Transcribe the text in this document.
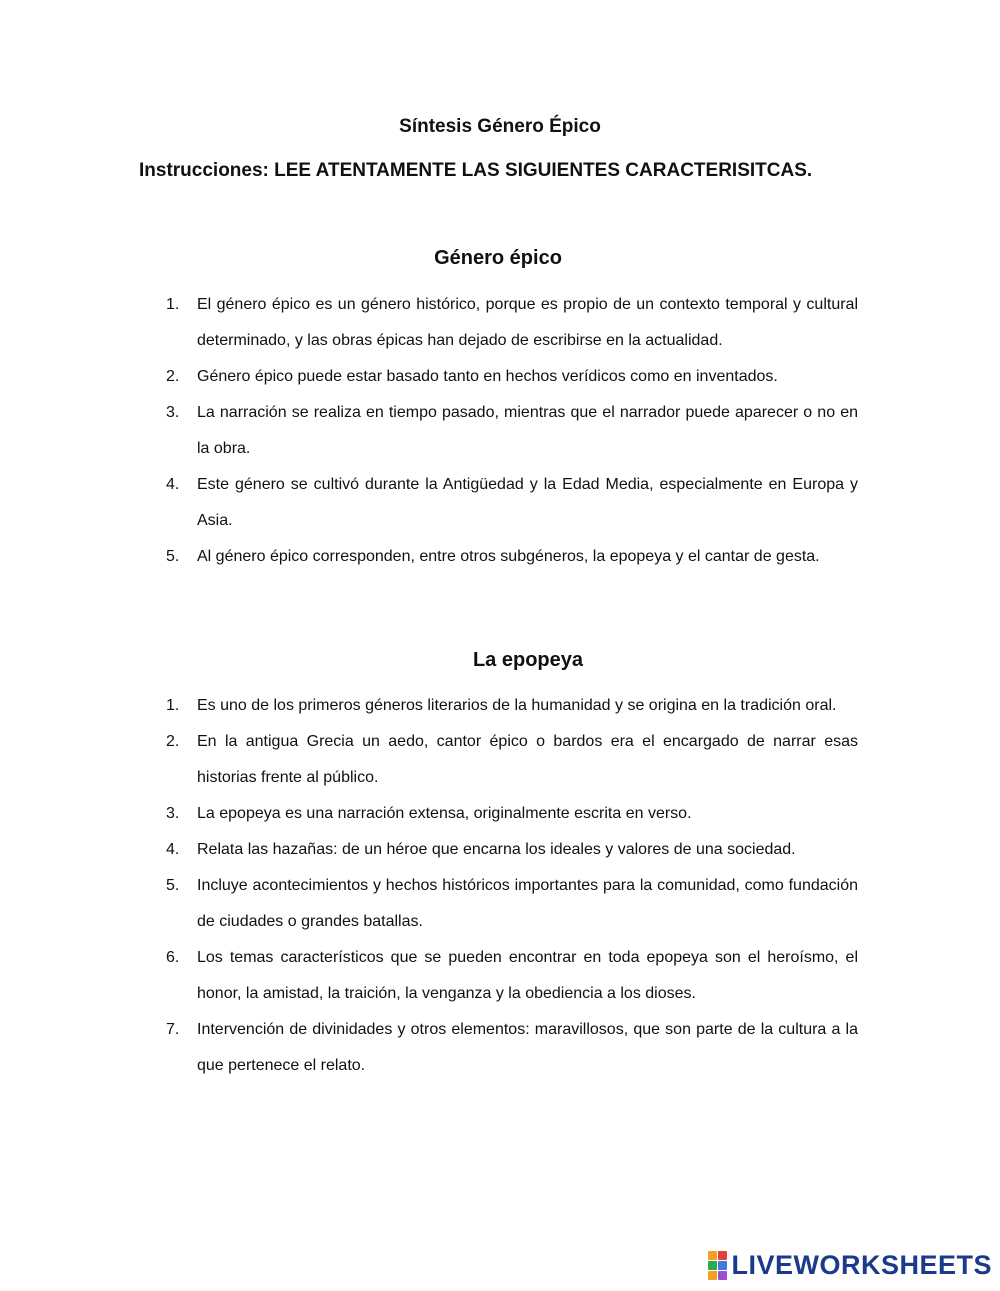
Síntesis Género Épico

Instrucciones: LEE ATENTAMENTE LAS SIGUIENTES CARACTERISITCAS.

Género épico
1. El género épico es un género histórico, porque es propio de un contexto temporal y cultural determinado, y las obras épicas han dejado de escribirse en la actualidad.
2. Género épico puede estar basado tanto en hechos verídicos como en inventados.
3. La narración se realiza en tiempo pasado, mientras que el narrador puede aparecer o no en la obra.
4. Este género se cultivó durante la Antigüedad y la Edad Media, especialmente en Europa y Asia.
5. Al género épico corresponden, entre otros subgéneros, la epopeya y el cantar de gesta.
La epopeya
1. Es uno de los primeros géneros literarios de la humanidad y se origina en la tradición oral.
2. En la antigua Grecia un aedo, cantor épico o bardos era el encargado de narrar esas historias frente al público.
3. La epopeya es una narración extensa, originalmente escrita en verso.
4. Relata las hazañas: de un héroe que encarna los ideales y valores de una sociedad.
5. Incluye acontecimientos y hechos históricos importantes para la comunidad, como fundación de ciudades o grandes batallas.
6. Los temas característicos que se pueden encontrar en toda epopeya son el heroísmo, el honor, la amistad, la traición, la venganza y la obediencia a los dioses.
7. Intervención de divinidades y otros elementos: maravillosos, que son parte de la cultura a la que pertenece el relato.
LIVEWORKSHEETS
